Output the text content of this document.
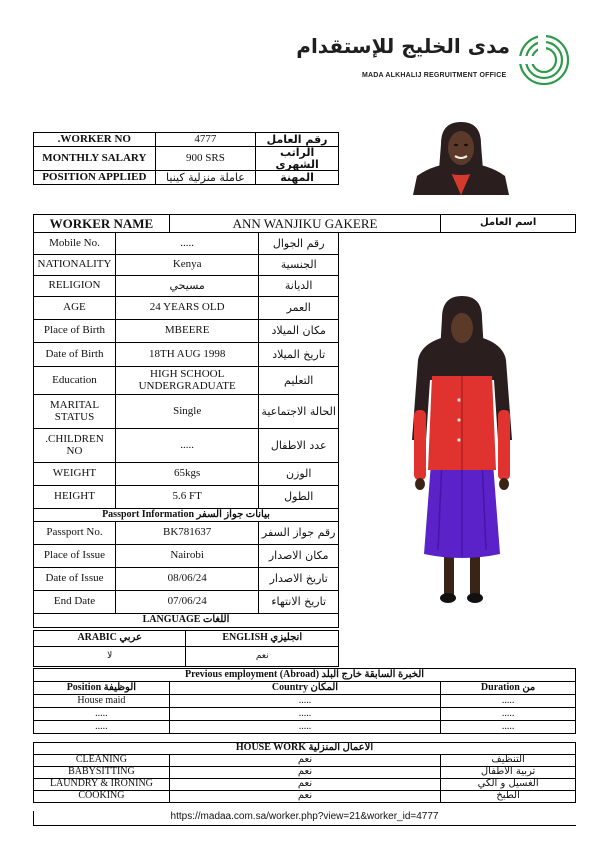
مدى الخليج للإستقدام
MADA ALKHALIJ REGRUITMENT OFFICE
.WORKER NO	4777	رقم العامل
MONTHLY SALARY	900 SRS	الراتب الشهري
POSITION APPLIED	عاملة منزلية كينيا	المهنة
WORKER NAME	ANN WANJIKU GAKERE	اسم العامل
Mobile No.	.....	رقم الجوال
NATIONALITY	Kenya	الجنسية
RELIGION	مسيحي	الديانة
AGE	24 YEARS OLD	العمر
Place of Birth	MBEERE	مكان الميلاد
Date of Birth	18TH AUG 1998	تاريخ الميلاد
Education	HIGH SCHOOL UNDERGRADUATE	التعليم
MARITAL STATUS	Single	الحالة الاجتماعية
.CHILDREN NO	.....	عدد الاطفال
WEIGHT	65kgs	الوزن
HEIGHT	5.6 FT	الطول
Passport Information بيانات جواز السفر		
Passport No.	BK781637	رقم جواز السفر
Place of Issue	Nairobi	مكان الاصدار
Date of Issue	08/06/24	تاريخ الاصدار
End Date	07/06/24	تاريخ الانتهاء
LANGUAGE اللغات		
ARABIC عربي	ENGLISH انجليزي
لا	نعم
Previous employment (Abroad) الخبرة السابقة خارج البلد		
Position الوظيفة	Country المكان	Duration من
House maid	.....	.....
.....	.....	.....
.....	.....	.....
HOUSE WORK الاعمال المنزلية		
CLEANING	نعم	التنظيف
BABYSITTING	نعم	تربية الاطفال
LAUNDRY & IRONING	نعم	الغسيل و الكي
COOKING	نعم	الطبخ
https://madaa.com.sa/worker.php?view=21&worker_id=4777
